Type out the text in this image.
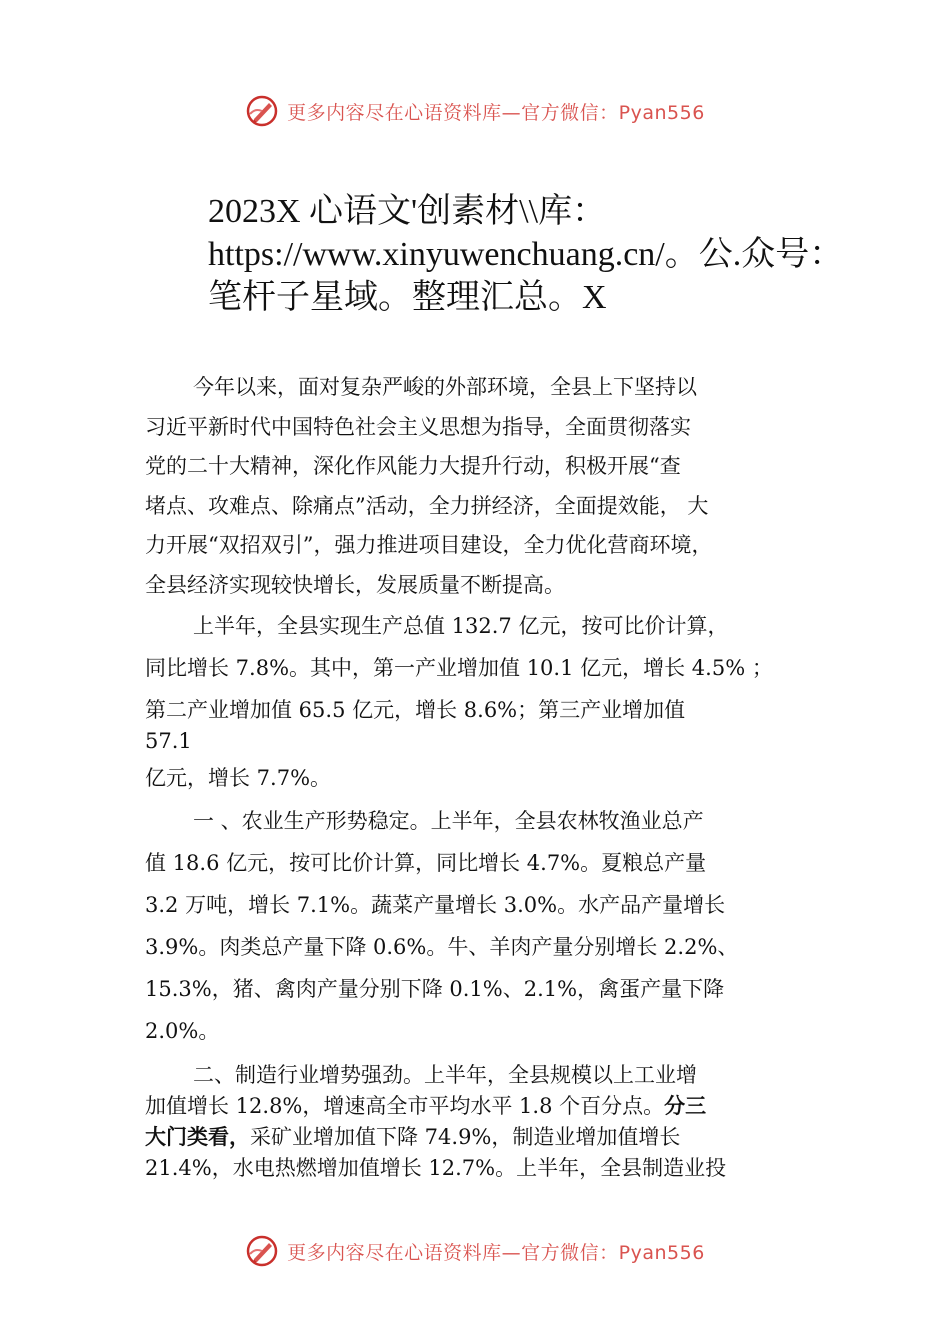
更多内容尽在心语资料库—官方微信：Pyan556
2023X 心语文'创素材\\库：
https://www.xinyuwenchuang.cn/。公.众号：
笔杆子星域。整理汇总。X
今年以来，面对复杂严峻的外部环境，全县上下坚持以
习近平新时代中国特色社会主义思想为指导，全面贯彻落实
党的二十大精神，深化作风能力大提升行动，积极开展“查
堵点、攻难点、除痛点”活动，全力拼经济，全面提效能， 大
力开展“双招双引”，强力推进项目建设，全力优化营商环境，
全县经济实现较快增长，发展质量不断提高。
上半年，全县实现生产总值 132.7 亿元，按可比价计算，
同比增长 7.8%。其中，第一产业增加值 10.1 亿元，增长 4.5% ；
第二产业增加值 65.5 亿元，增长 8.6%；第三产业增加值
57.1
亿元，增长 7.7%。
一 、农业生产形势稳定。上半年，全县农林牧渔业总产
值 18.6 亿元，按可比价计算，同比增长 4.7%。夏粮总产量
3.2 万吨，增长 7.1%。蔬菜产量增长 3.0%。水产品产量增长
3.9%。肉类总产量下降 0.6%。牛、羊肉产量分别增长 2.2%、
15.3%，猪、禽肉产量分别下降 0.1%、2.1%，禽蛋产量下降
2.0%。
二、制造行业增势强劲。上半年，全县规模以上工业增
加值增长 12.8%，增速高全市平均水平 1.8 个百分点。分三
大门类看，采矿业增加值下降 74.9%，制造业增加值增长
21.4%，水电热燃增加值增长 12.7%。上半年，全县制造业投
更多内容尽在心语资料库—官方微信：Pyan556
